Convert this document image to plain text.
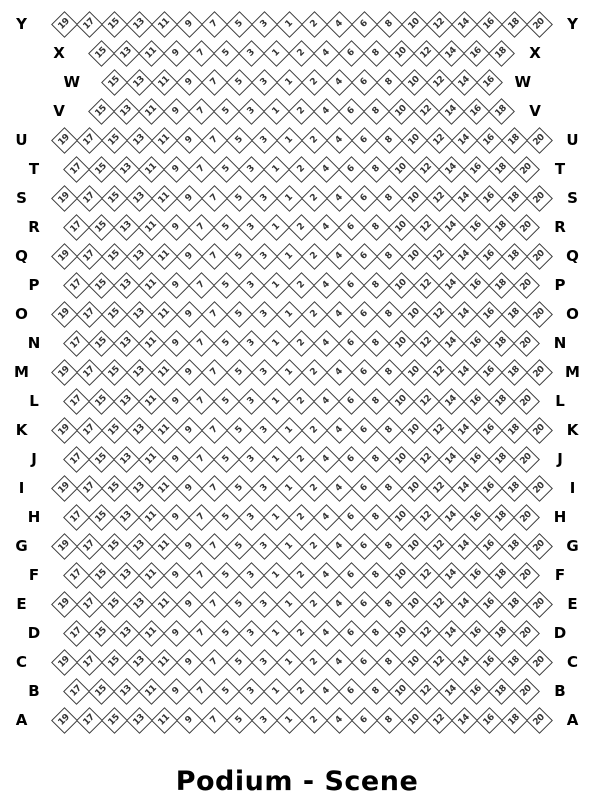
Y	19 17 15 13 11 9 7 5 3 1 2 4 6 8 10 12 14 16 18 20 Y
X	15 13 11 9 7 5 3 1 2 4 6 8 10 12 14 16 18 X
W	15 13 11 9 7 5 3 1 2 4 6 8 10 12 14 16 W
V	15 13 11 9 7 5 3 1 2 4 6 8 10 12 14 16 18 V
U	19 17 15 13 11 9 7 5 3 1 2 4 6 8 10 12 14 16 18 20 U
T	17 15 13 11 9 7 5 3 1 2 4 6 8 10 12 14 16 18 20 T
S	19 17 15 13 11 9 7 5 3 1 2 4 6 8 10 12 14 16 18 20 S
R	17 15 13 11 9 7 5 3 1 2 4 6 8 10 12 14 16 18 20 R
Q	19 17 15 13 11 9 7 5 3 1 2 4 6 8 10 12 14 16 18 20 Q
P	17 15 13 11 9 7 5 3 1 2 4 6 8 10 12 14 16 18 20 P
O	19 17 15 13 11 9 7 5 3 1 2 4 6 8 10 12 14 16 18 20 O
N	17 15 13 11 9 7 5 3 1 2 4 6 8 10 12 14 16 18 20 N
M	19 17 15 13 11 9 7 5 3 1 2 4 6 8 10 12 14 16 18 20 M
L	17 15 13 11 9 7 5 3 1 2 4 6 8 10 12 14 16 18 20 L
K	19 17 15 13 11 9 7 5 3 1 2 4 6 8 10 12 14 16 18 20 K
J	17 15 13 11 9 7 5 3 1 2 4 6 8 10 12 14 16 18 20	J
I	19 17 15 13 11 9 7 5 3 1 2 4 6 8 10 12 14 16 18 20	I
H	17 15 13 11 9 7 5 3 1 2 4 6 8 10 12 14 16 18 20 H
G	19 17 15 13 11 9 7 5 3 1 2 4 6 8 10 12 14 16 18 20 G
F	17 15 13 11 9 7 5 3 1 2 4 6 8 10 12 14 16 18 20 F
E	19 17 15 13 11 9 7 5 3 1 2 4 6 8 10 12 14 16 18 20 E
D	17 15 13 11 9 7 5 3 1 2 4 6 8 10 12 14 16 18 20 D
C	19 17 15 13 11 9 7 5 3 1 2 4 6 8 10 12 14 16 18 20 C
B	17 15 13 11 9 7 5 3 1 2 4 6 8 10 12 14 16 18 20 B
A	19 17 15 13 11 9 7 5 3 1 2 4 6 8 10 12 14 16 18 20 A
Podium - Scene
